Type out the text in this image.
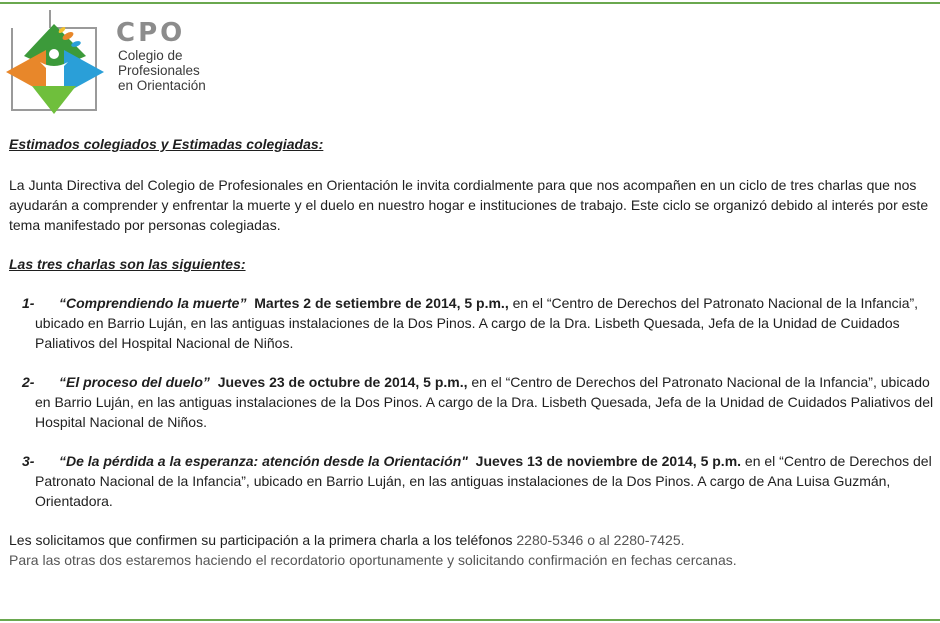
CPO
Colegio de
Profesionales
en Orientación

Estimados colegiados y Estimadas colegiadas:

La Junta Directiva del Colegio de Profesionales en Orientación le invita cordialmente para que nos acompañen en un ciclo de tres charlas que nos ayudarán a comprender y enfrentar la muerte y el duelo en nuestro hogar e instituciones de trabajo. Este ciclo se organizó debido al interés por este tema manifestado por personas colegiadas.

Las tres charlas son las siguientes:

1- “Comprendiendo la muerte” Martes 2 de setiembre de 2014, 5 p.m., en el “Centro de Derechos del Patronato Nacional de la Infancia”, ubicado en Barrio Luján, en las antiguas instalaciones de la Dos Pinos. A cargo de la Dra. Lisbeth Quesada, Jefa de la Unidad de Cuidados Paliativos del Hospital Nacional de Niños.

2- “El proceso del duelo” Jueves 23 de octubre de 2014, 5 p.m., en el “Centro de Derechos del Patronato Nacional de la Infancia”, ubicado en Barrio Luján, en las antiguas instalaciones de la Dos Pinos. A cargo de la Dra. Lisbeth Quesada, Jefa de la Unidad de Cuidados Paliativos del Hospital Nacional de Niños.

3- “De la pérdida a la esperanza: atención desde la Orientación" Jueves 13 de noviembre de 2014, 5 p.m. en el “Centro de Derechos del Patronato Nacional de la Infancia”, ubicado en Barrio Luján, en las antiguas instalaciones de la Dos Pinos. A cargo de Ana Luisa Guzmán, Orientadora.

Les solicitamos que confirmen su participación a la primera charla a los teléfonos 2280-5346 o al 2280-7425.

Para las otras dos estaremos haciendo el recordatorio oportunamente y solicitando confirmación en fechas cercanas.
